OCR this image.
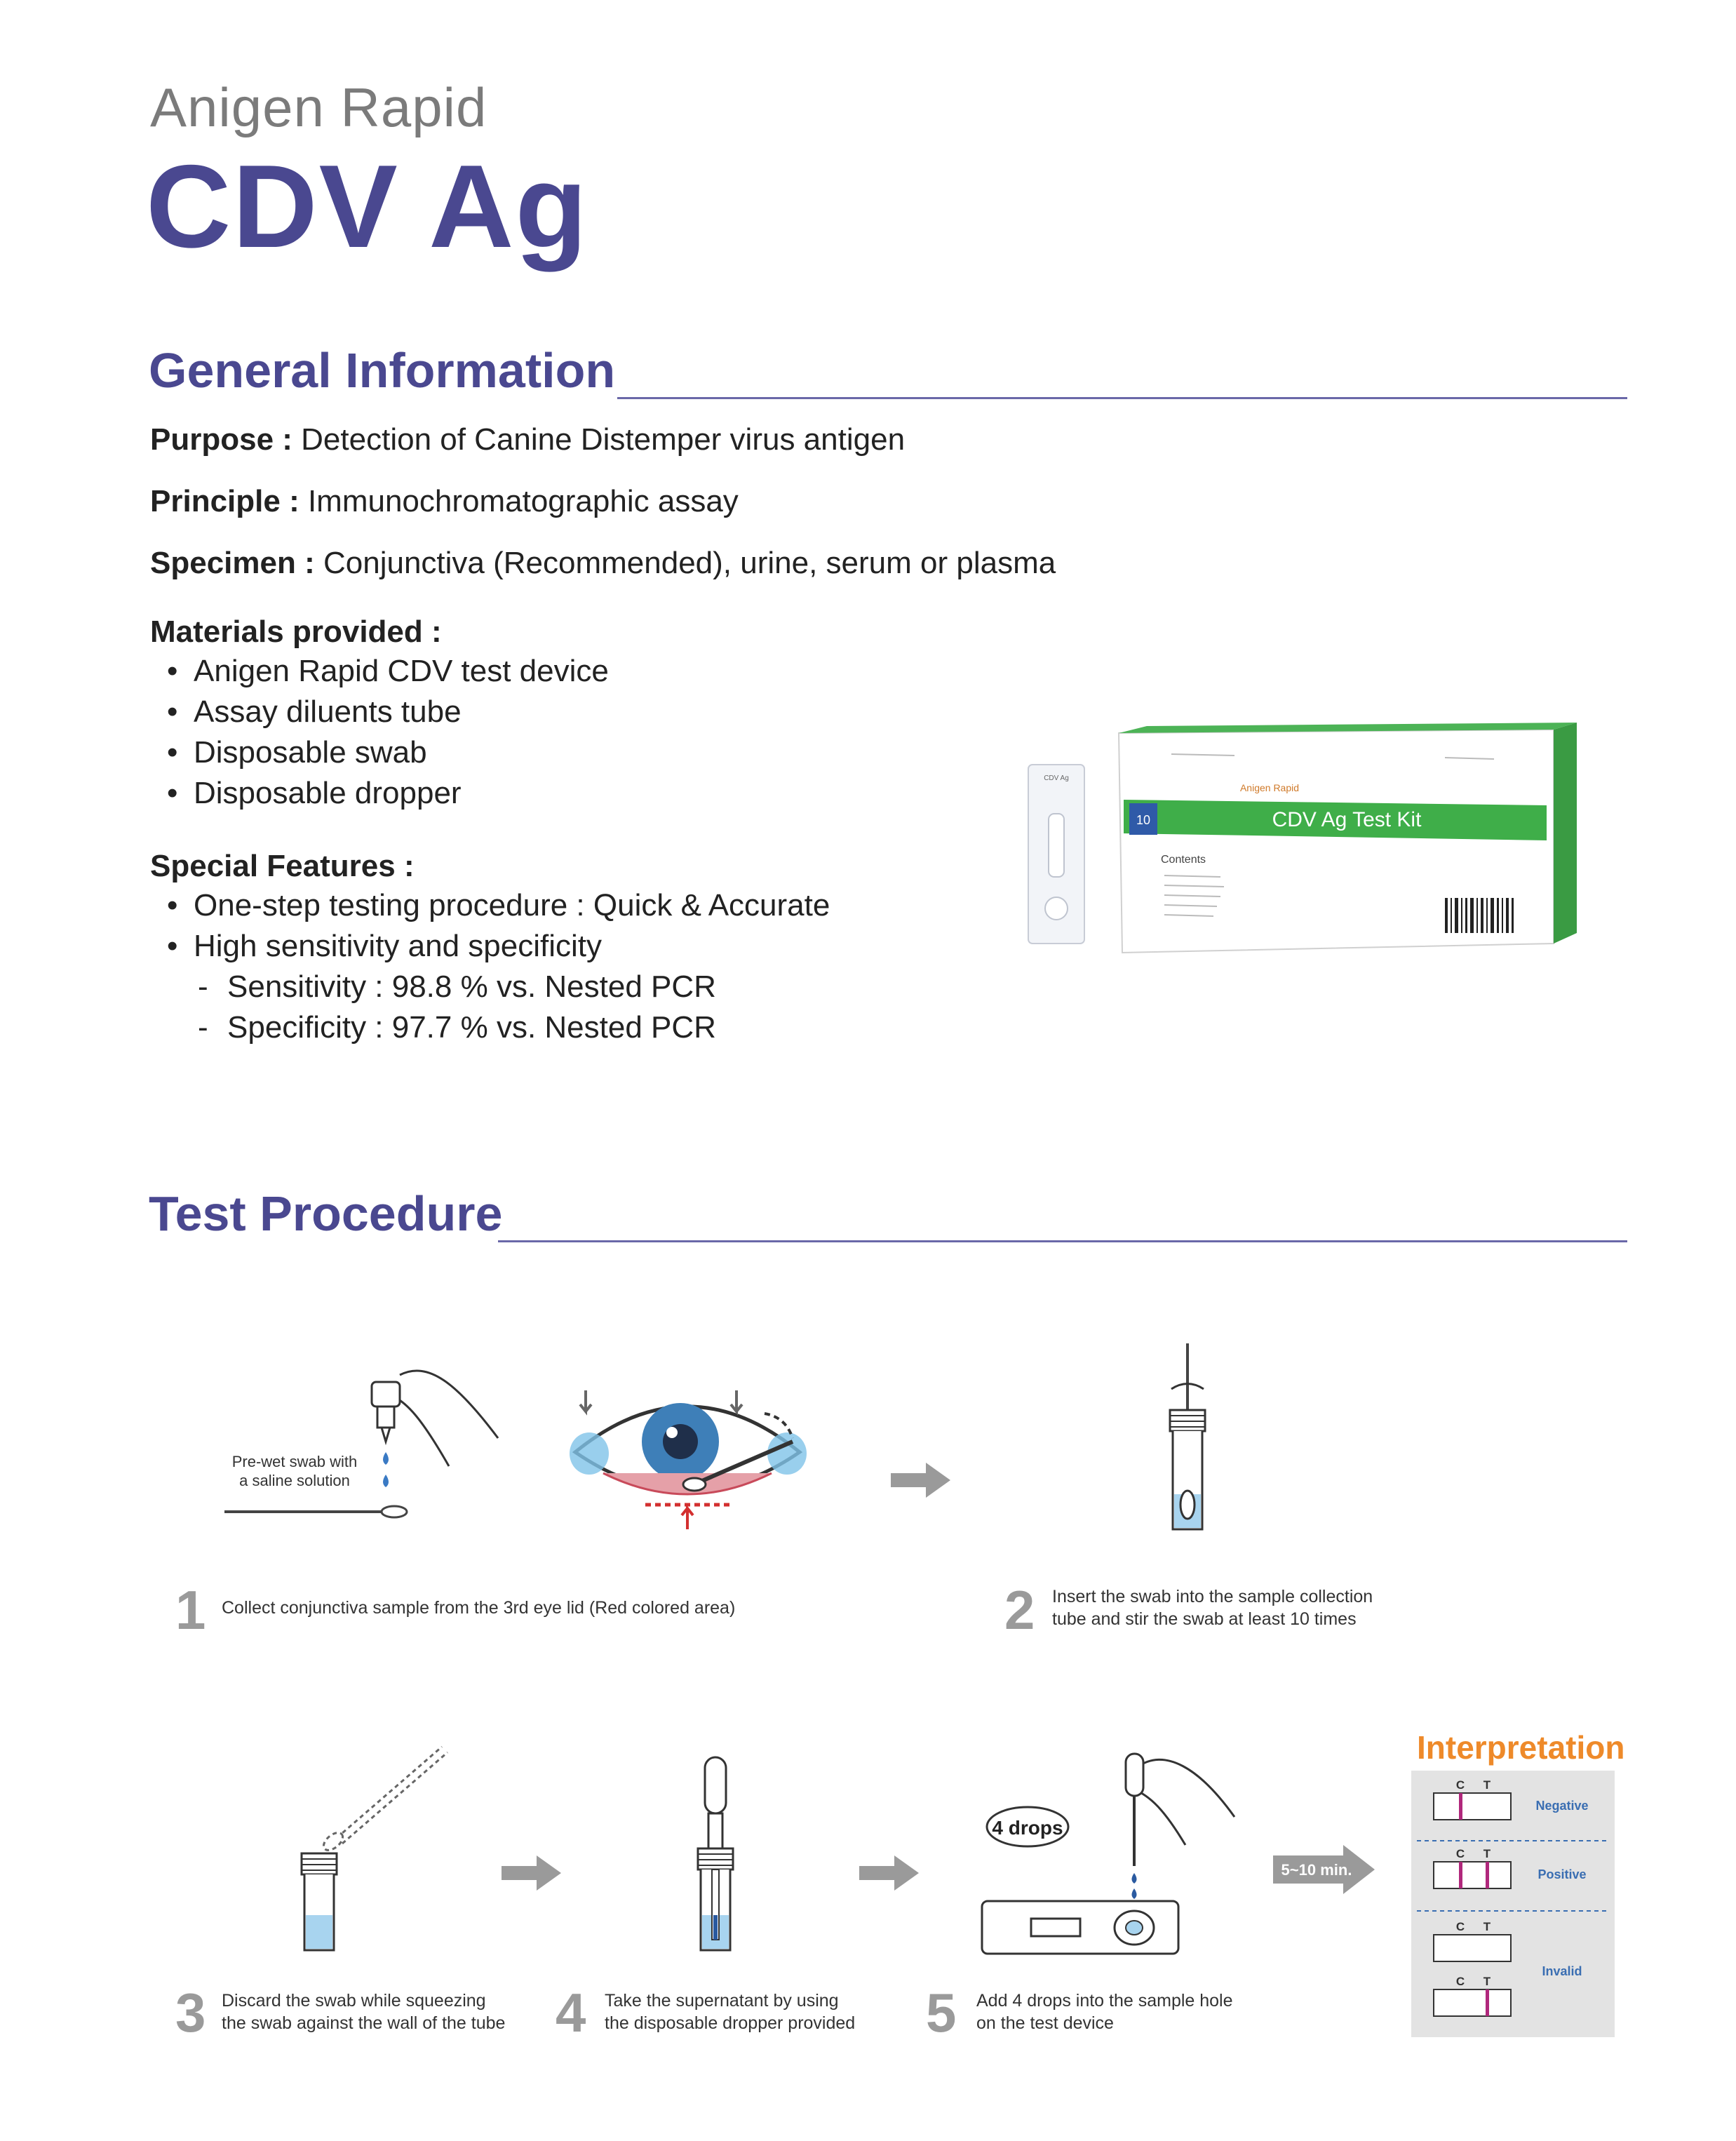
Anigen Rapid
CDV Ag
General Information
Purpose : Detection of Canine Distemper virus antigen
Principle : Immunochromatographic assay
Specimen : Conjunctiva (Recommended), urine, serum or plasma
Materials provided :
• Anigen Rapid CDV test device
• Assay diluents tube
• Disposable swab
• Disposable dropper
Special Features :
• One-step testing procedure : Quick & Accurate
• High sensitivity and specificity
- Sensitivity : 98.8 % vs. Nested PCR
- Specificity : 97.7 % vs. Nested PCR
CDV Ag
10	CDV Ag Test Kit
Anigen Rapid
Contents
Test Procedure
Pre-wet swab with
a saline solution
1 Collect conjunctiva sample from the 3rd eye lid (Red colored area)	2 Insert the swab into the sample collection
tube and stir the swab at least 10 times
4 drops
5~10 min.
3 Discard the swab while squeezing
the swab against the wall of the tube 4 Take the supernatant by using
the disposable dropper provided 5 Add 4 drops into the sample hole
on the test device
Interpretation
C T
Negative
C T
Positive
C T
C T
Invalid
